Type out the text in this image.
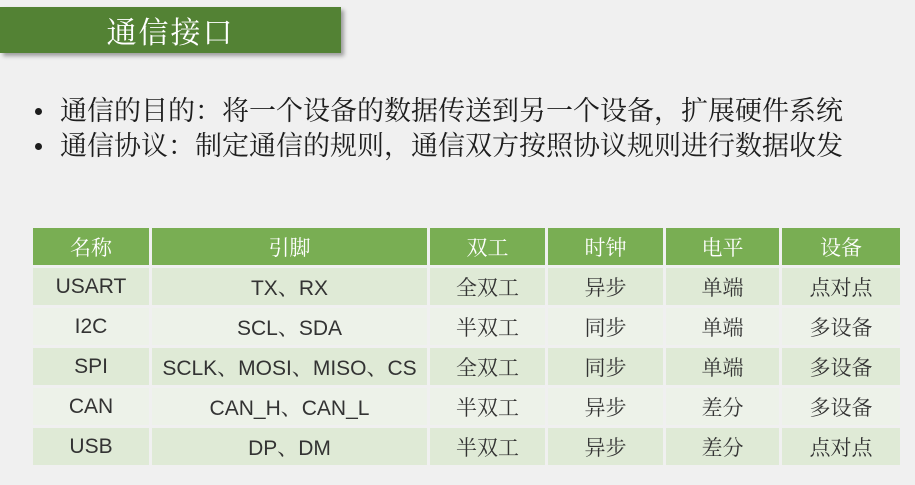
通信接口
通信的目的：将一个设备的数据传送到另一个设备，扩展硬件系统
通信协议：制定通信的规则，通信双方按照协议规则进行数据收发
名称	引脚	双工	时钟	电平	设备
USART	TX、RX	全双工	异步	单端	点对点
I2C	SCL、SDA	半双工	同步	单端	多设备
SPI	SCLK、MOSI、MISO、CS	全双工	同步	单端	多设备
CAN	CAN_H、CAN_L	半双工	异步	差分	多设备
USB	DP、DM	半双工	异步	差分	点对点
